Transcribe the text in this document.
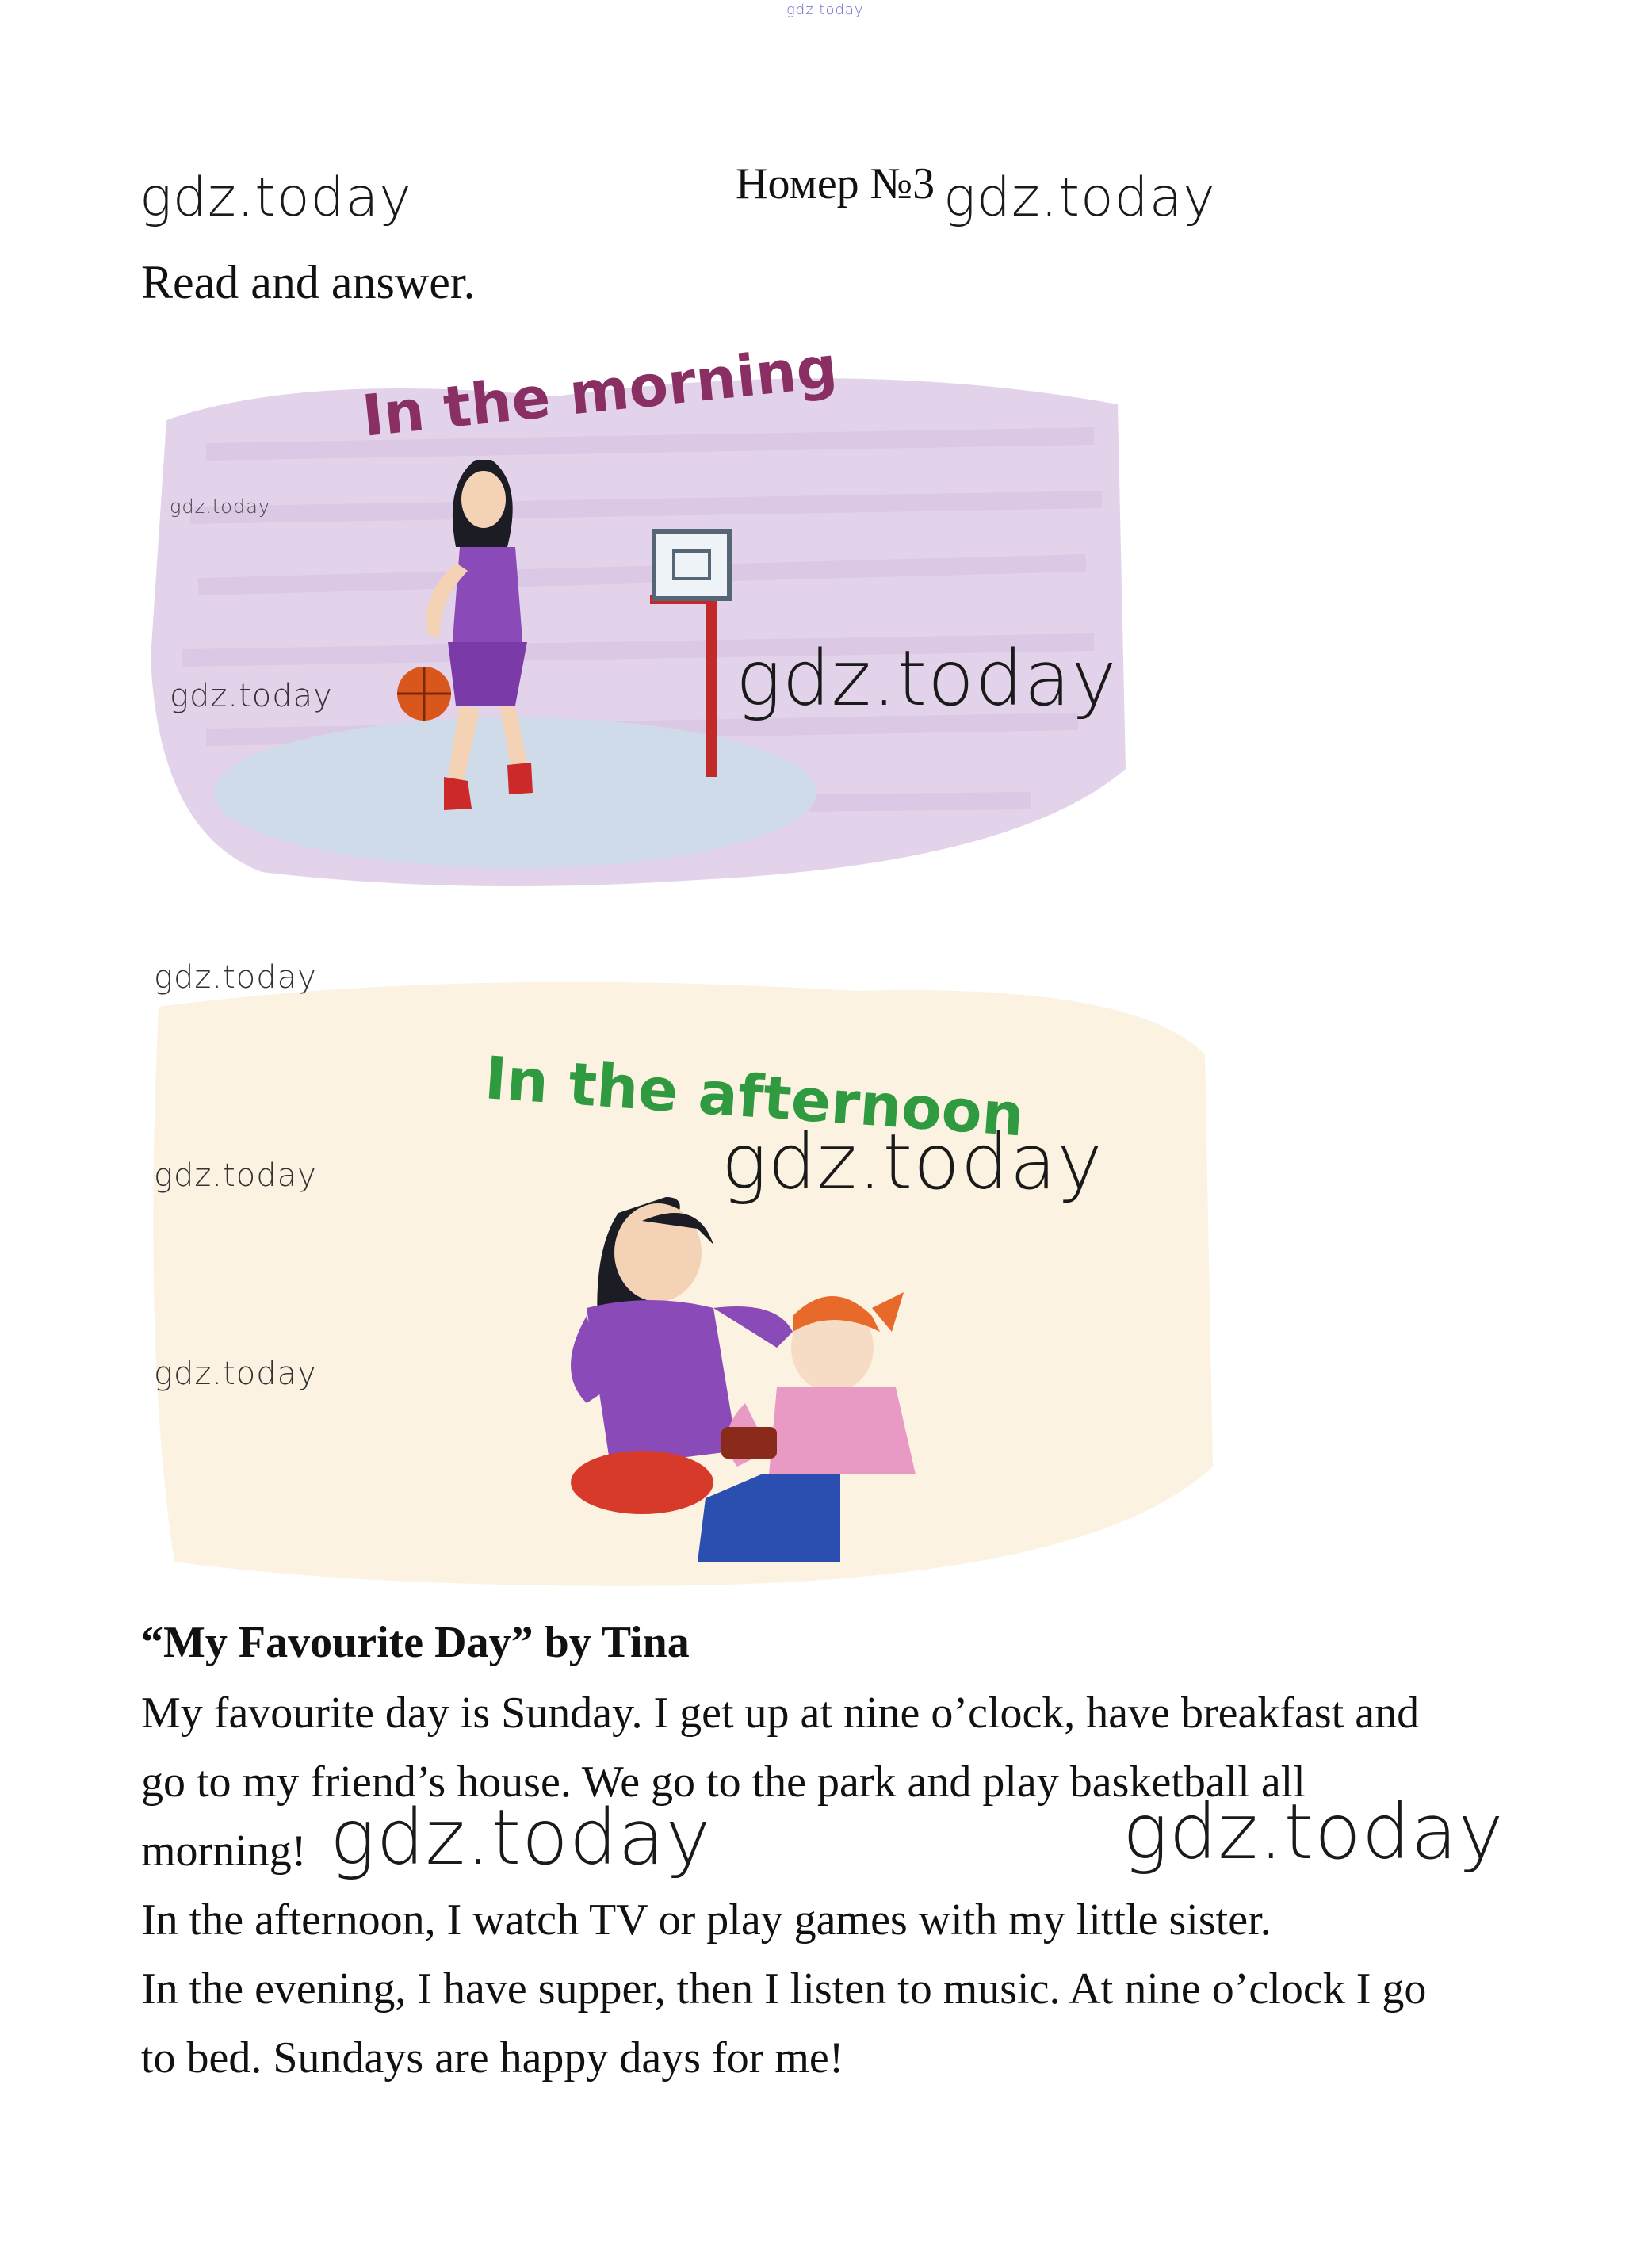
gdz.today
gdz.today	Номер №3 gdz.today
Read and answer.
In the morning
gdz.today
gdz.today	gdz.today
In the afternoon
gdz.today
gdz.today
gdz.today
gdz.today
“My Favourite Day” by Tina

My favourite day is Sunday. I get up at nine o’clock, have breakfast and

go to my friend’s house. We go to the park and play basketball all

morning!

In the afternoon, I watch TV or play games with my little sister.

In the evening, I have supper, then I listen to music. At nine o’clock I go

to bed. Sundays are happy days for me!

gdz.today	gdz.today
